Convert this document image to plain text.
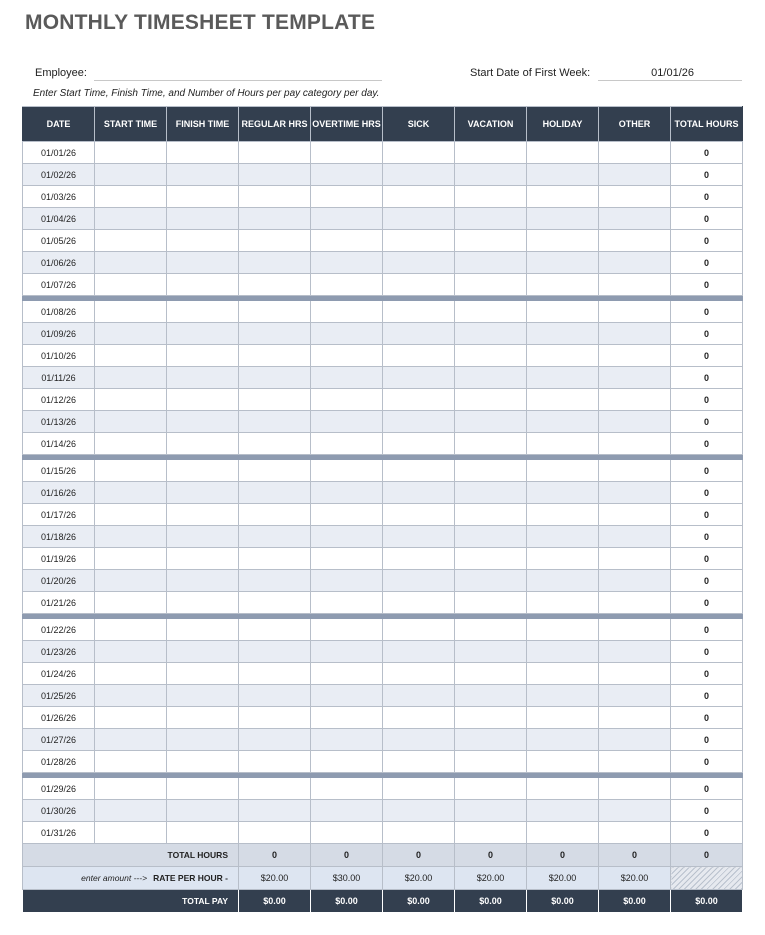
MONTHLY TIMESHEET TEMPLATE
Employee:	Start Date of First Week:	01/01/26
Enter Start Time, Finish Time, and Number of Hours per pay category per day.
DATE	START TIME	FINISH TIME	REGULAR HRS	OVERTIME HRS	SICK	VACATION	HOLIDAY	OTHER	TOTAL HOURS
01/01/26									0
01/02/26									0
01/03/26									0
01/04/26									0
01/05/26									0
01/06/26									0
01/07/26									0

01/08/26									0
01/09/26									0
01/10/26									0
01/11/26									0
01/12/26									0
01/13/26									0
01/14/26									0

01/15/26									0
01/16/26									0
01/17/26									0
01/18/26									0
01/19/26									0
01/20/26									0
01/21/26									0

01/22/26									0
01/23/26									0
01/24/26									0
01/25/26									0
01/26/26									0
01/27/26									0
01/28/26									0

01/29/26									0
01/30/26									0
01/31/26									0
TOTAL HOURS			0	0	0	0	0	0	0
enter amount ---> RATE PER HOUR -			$20.00	$30.00	$20.00	$20.00	$20.00	$20.00	
TOTAL PAY			$0.00	$0.00	$0.00	$0.00	$0.00	$0.00	$0.00
